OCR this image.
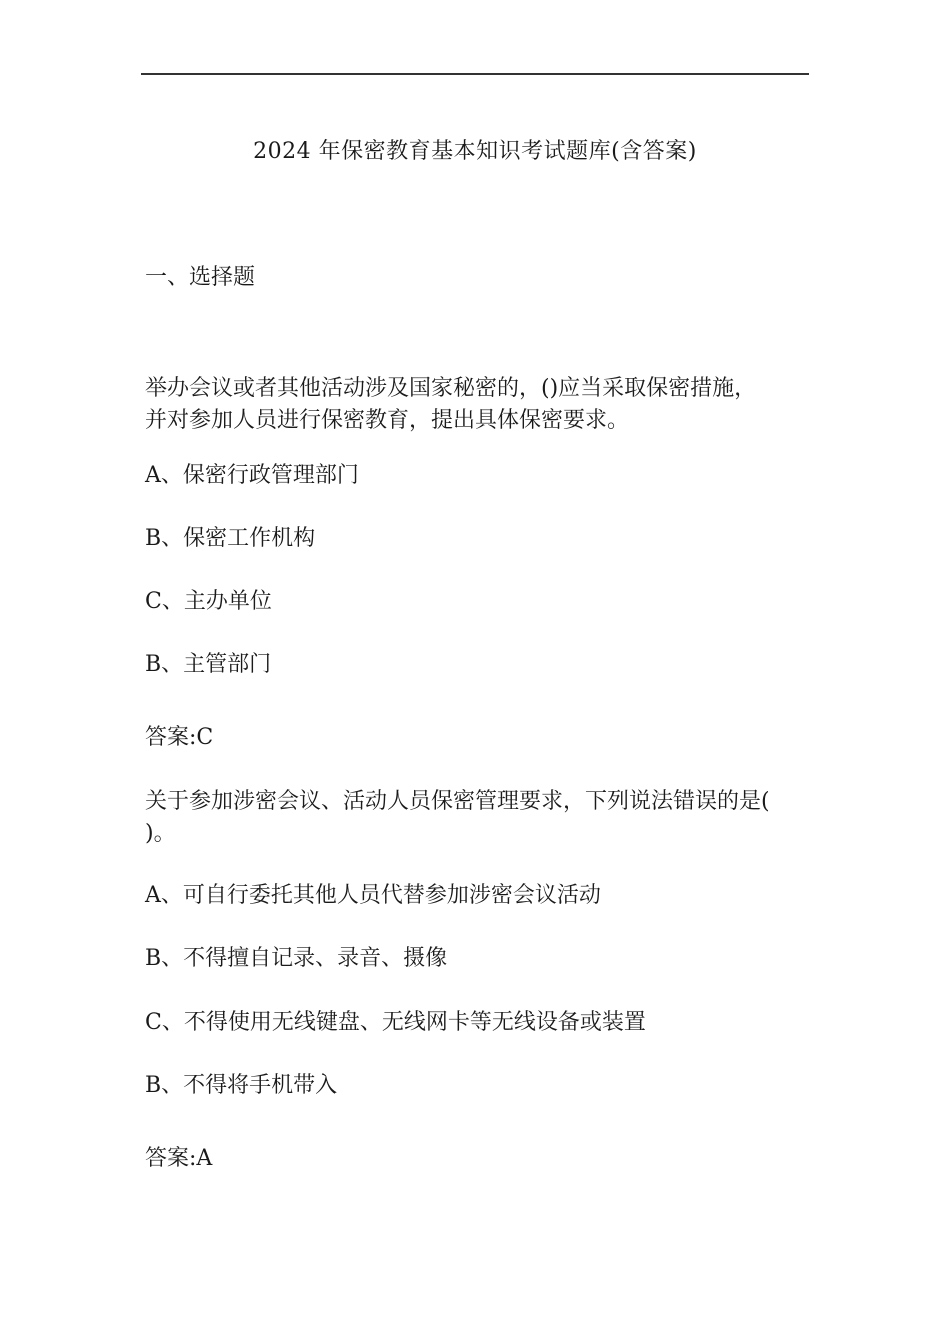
2024 年保密教育基本知识考试题库(含答案)
一、选择题
举办会议或者其他活动涉及国家秘密的，()应当采取保密措施，
并对参加人员进行保密教育，提出具体保密要求。
A、保密行政管理部门
B、保密工作机构
C、主办单位
B、主管部门
答案:C
关于参加涉密会议、活动人员保密管理要求，下列说法错误的是(
)。
A、可自行委托其他人员代替参加涉密会议活动
B、不得擅自记录、录音、摄像
C、不得使用无线键盘、无线网卡等无线设备或装置
B、不得将手机带入
答案:A
